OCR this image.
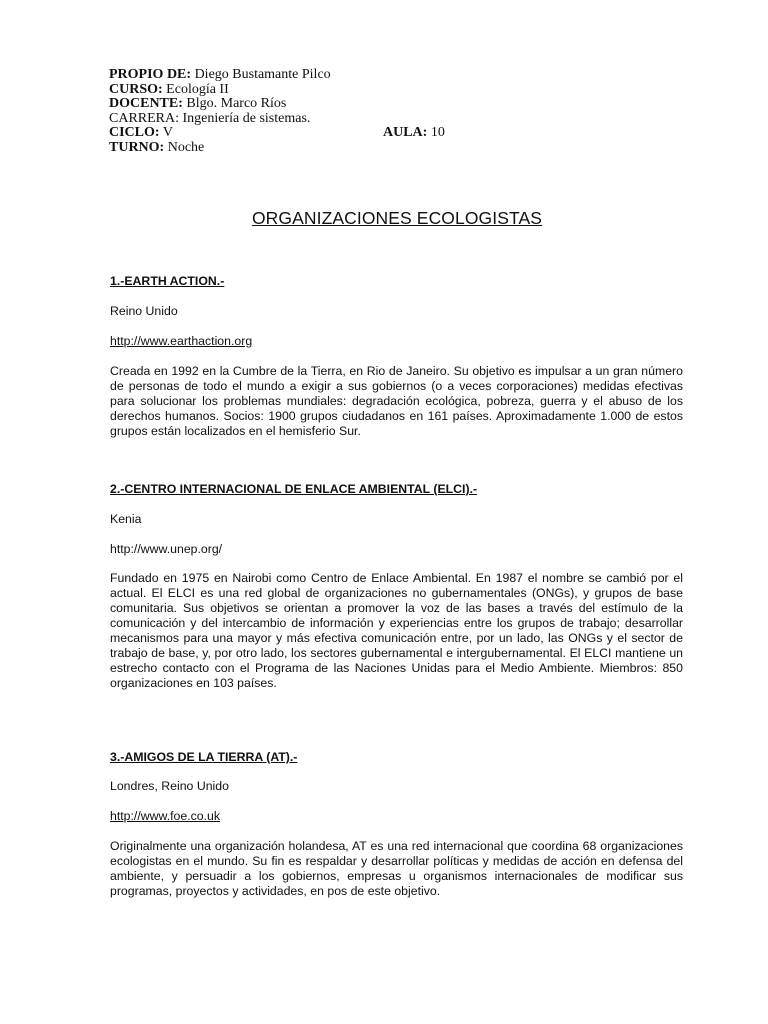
PROPIO DE: Diego Bustamante Pilco
CURSO: Ecología II
DOCENTE: Blgo. Marco Ríos
CARRERA: Ingeniería de sistemas.
CICLO: V	AULA: 10
TURNO: Noche
ORGANIZACIONES ECOLOGISTAS
1.-EARTH ACTION.-
Reino Unido
http://www.earthaction.org
Creada en 1992 en la Cumbre de la Tierra, en Rio de Janeiro. Su objetivo es impulsar a un gran número de personas de todo el mundo a exigir a sus gobiernos (o a veces corporaciones) medidas efectivas para solucionar los problemas mundiales: degradación ecológica, pobreza, guerra y el abuso de los derechos humanos. Socios: 1900 grupos ciudadanos en 161 países. Aproximadamente 1.000 de estos grupos están localizados en el hemisferio Sur.
2.-CENTRO INTERNACIONAL DE ENLACE AMBIENTAL (ELCI).-
Kenia
http://www.unep.org/
Fundado en 1975 en Nairobi como Centro de Enlace Ambiental. En 1987 el nombre se cambió por el actual. El ELCI es una red global de organizaciones no gubernamentales (ONGs), y grupos de base comunitaria. Sus objetivos se orientan a promover la voz de las bases a través del estímulo de la comunicación y del intercambio de información y experiencias entre los grupos de trabajo; desarrollar mecanismos para una mayor y más efectiva comunicación entre, por un lado, las ONGs y el sector de trabajo de base, y, por otro lado, los sectores gubernamental e intergubernamental. El ELCI mantiene un estrecho contacto con el Programa de las Naciones Unidas para el Medio Ambiente. Miembros: 850 organizaciones en 103 países.
3.-AMIGOS DE LA TIERRA (AT).-
Londres, Reino Unido
http://www.foe.co.uk
Originalmente una organización holandesa, AT es una red internacional que coordina 68 organizaciones ecologistas en el mundo. Su fin es respaldar y desarrollar políticas y medidas de acción en defensa del ambiente, y persuadir a los gobiernos, empresas u organismos internacionales de modificar sus programas, proyectos y actividades, en pos de este objetivo.
